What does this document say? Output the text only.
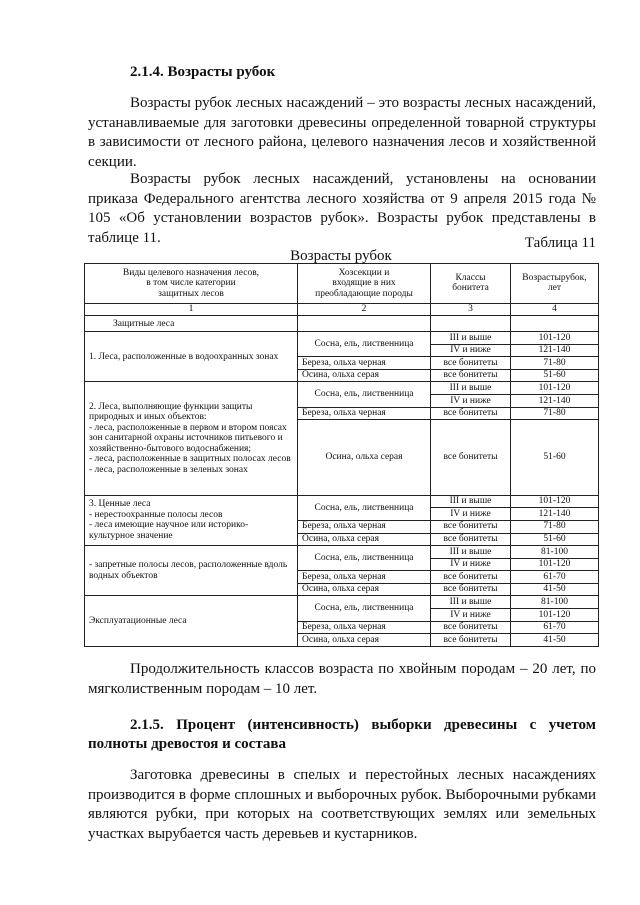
2.1.4. Возрасты рубок

Возрасты рубок лесных насаждений – это возрасты лесных насаждений, устанавливаемые для заготовки древесины определенной товарной структуры в зависимости от лесного района, целевого назначения лесов и хозяйственной секции.

Возрасты рубок лесных насаждений, установлены на основании приказа Федерального агентства лесного хозяйства от 9 апреля 2015 года № 105 «Об установлении возрастов рубок». Возрасты рубок представлены в таблице 11.	Таблица 11
Возрасты рубок
Виды целевого назначения лесов,
в том числе категории
защитных лесов	Хозсекции и
входящие в них
преобладающие породы	Классы
бонитета	Возрастырубок,
лет

1	2	3	4
Защитные леса			
1. Леса, расположенные в водоохранных зонах	Сосна, ель, лиственница	III и выше	101-120
		IV и ниже	121-140
	Береза, ольха черная	все бонитеты	71-80
	Осина, ольха серая	все бонитеты	51-60

2. Леса, выполняющие функции защиты природных и иных объектов:
- леса, расположенные в первом и втором поясах зон санитарной охраны источников питьевого и хозяйственно-бытового водоснабжения;
- леса, расположенные в защитных полосах лесов
- леса, расположенные в зеленых зонах	Сосна, ель, лиственница	III и выше	101-120
		IV и ниже	121-140
	Береза, ольха черная	все бонитеты	71-80
	Осина, ольха серая	все бонитеты	51-60

3. Ценные леса
- нерестоохранные полосы лесов
- леса имеющие научное или историко-культурное значение	Сосна, ель, лиственница	III и выше	101-120
		IV и ниже	121-140
	Береза, ольха черная	все бонитеты	71-80
	Осина, ольха серая	все бонитеты	51-60
- запретные полосы лесов, расположенные вдоль водных объектов	Сосна, ель, лиственница	III и выше	81-100
		IV и ниже	101-120
	Береза, ольха черная	все бонитеты	61-70
	Осина, ольха серая	все бонитеты	41-50
Эксплуатационные леса	Сосна, ель, лиственница	III и выше	81-100
		IV и ниже	101-120
	Береза, ольха черная	все бонитеты	61-70
	Осина, ольха серая	все бонитеты	41-50

Продолжительность классов возраста по хвойным породам – 20 лет, по мягколиственным породам – 10 лет.

2.1.5. Процент (интенсивность) выборки древесины с учетом полноты древостоя и состава

Заготовка древесины в спелых и перестойных лесных насаждениях производится в форме сплошных и выборочных рубок. Выборочными рубками являются рубки, при которых на соответствующих землях или земельных участках вырубается часть деревьев и кустарников.
